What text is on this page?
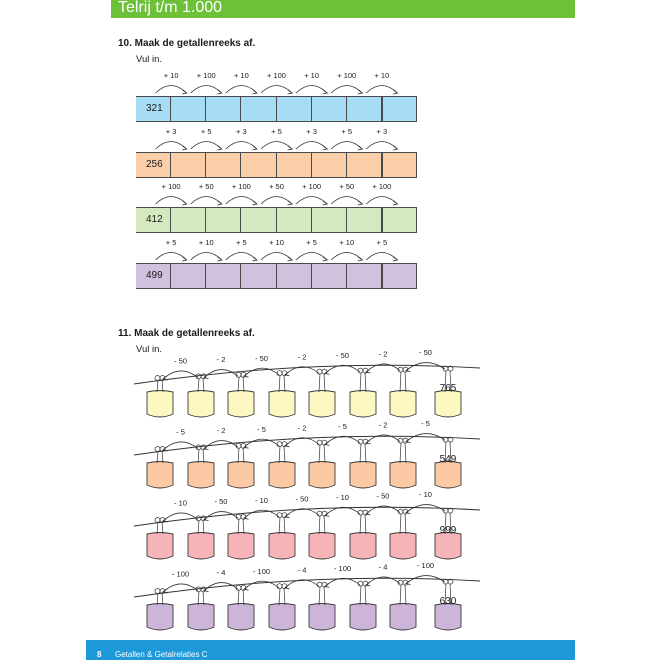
Telrij t/m 1.000
10. Maak de getallenreeks af.
Vul in.
+ 10 + 100 + 10 + 100 + 10 + 100 + 10
321
+ 3	+ 5	+ 3	+ 5	+ 3	+ 5	+ 3
256
+ 100 + 50 + 100 + 50 + 100 + 50 + 100
412
+ 5	+ 10	+ 5	+ 10	+ 5	+ 10	+ 5
499
11. Maak de getallenreeks af.
Vul in.
- 50	- 2	- 50	- 2	- 50	- 2	- 50
765
- 5	- 2	- 5	- 2	- 5	- 2	- 5
549
- 10	- 50	- 10	- 50	- 10	- 50	- 10
999
- 100	- 4	- 100	- 4	- 100	- 4	- 100
630
8 Getallen & Getalrelaties C
